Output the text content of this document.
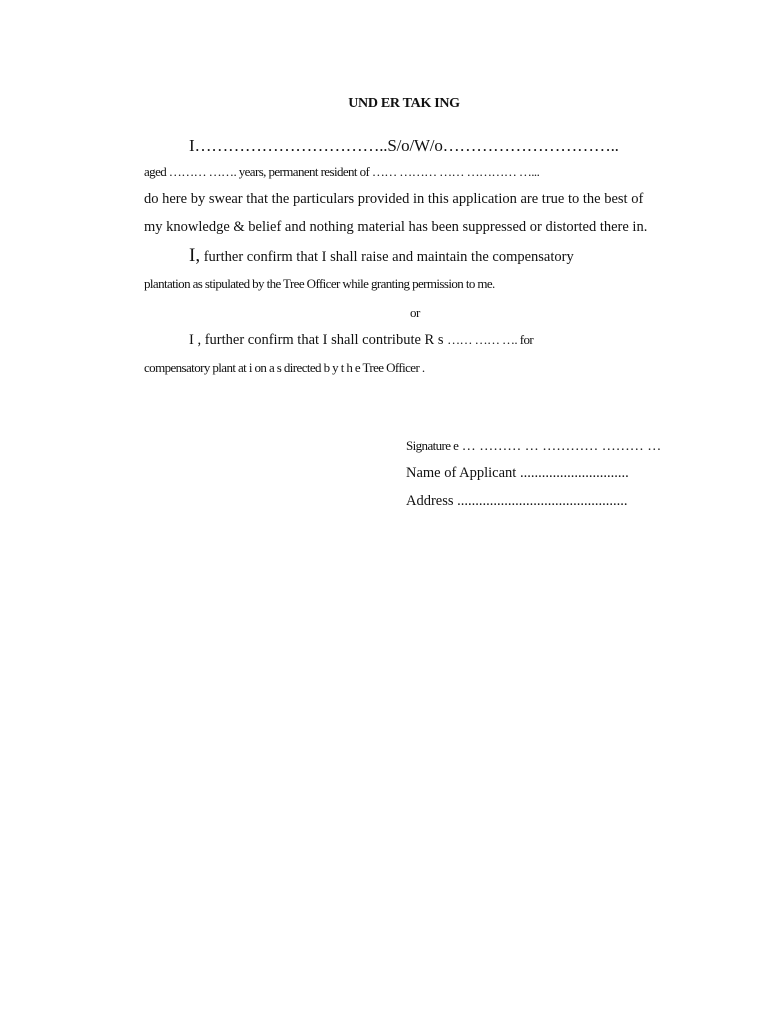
UND ER TAK ING
I……………………………..S/o/W/o…………………………..
aged ……… ……. years, permanent resident of …… ……… …… ………… …...
do here by swear that the particulars provided in this application are true to the best of
my knowledge & belief and nothing material has been suppressed or distorted there in.
I, further confirm that I shall raise and maintain the compensatory
plantation as stipulated by the Tree Officer while granting permission to me.
or
I , further confirm that I shall contribute R s …… …… …. for
compensatory plant at i on a s directed b y t h e Tree Officer .
Signature e … ……… … ………… ……… …
Name of Applicant ..............................
Address ...............................................
